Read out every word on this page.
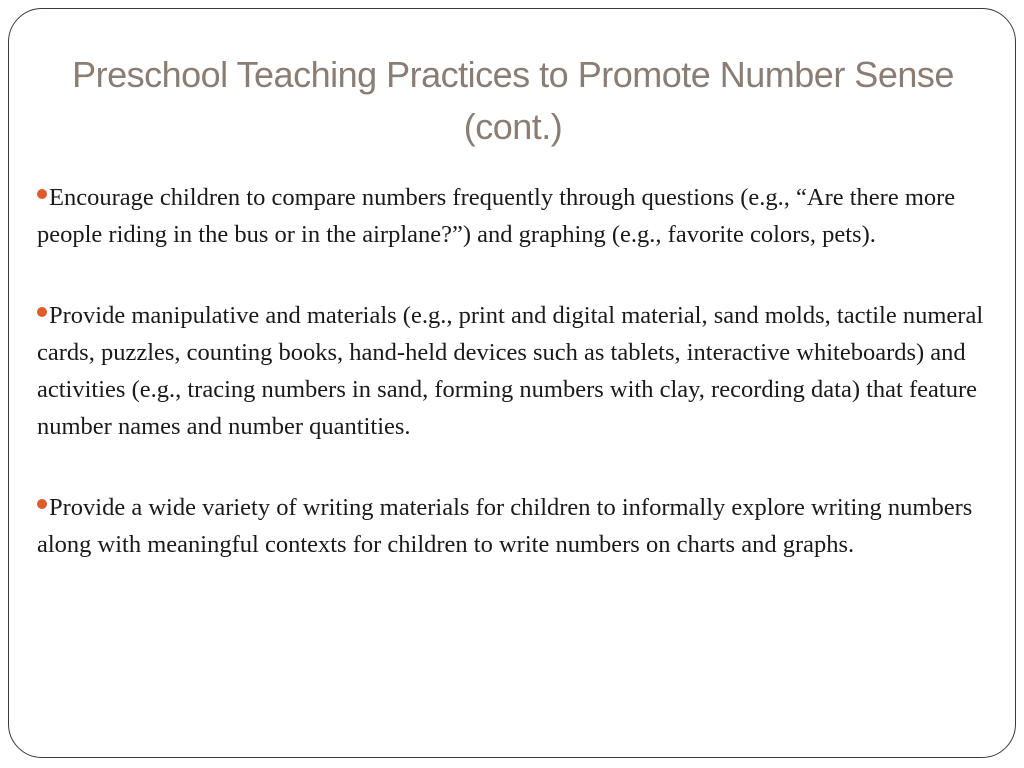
Preschool Teaching Practices to Promote Number Sense (cont.)
Encourage children to compare numbers frequently through questions (e.g., “Are there more people riding in the bus or in the airplane?”) and graphing (e.g., favorite colors, pets).
Provide manipulative and materials (e.g., print and digital material, sand molds, tactile numeral cards, puzzles, counting books, hand-held devices such as tablets, interactive whiteboards) and activities (e.g., tracing numbers in sand, forming numbers with clay, recording data) that feature number names and number quantities.
Provide a wide variety of writing materials for children to informally explore writing numbers along with meaningful contexts for children to write numbers on charts and graphs.
